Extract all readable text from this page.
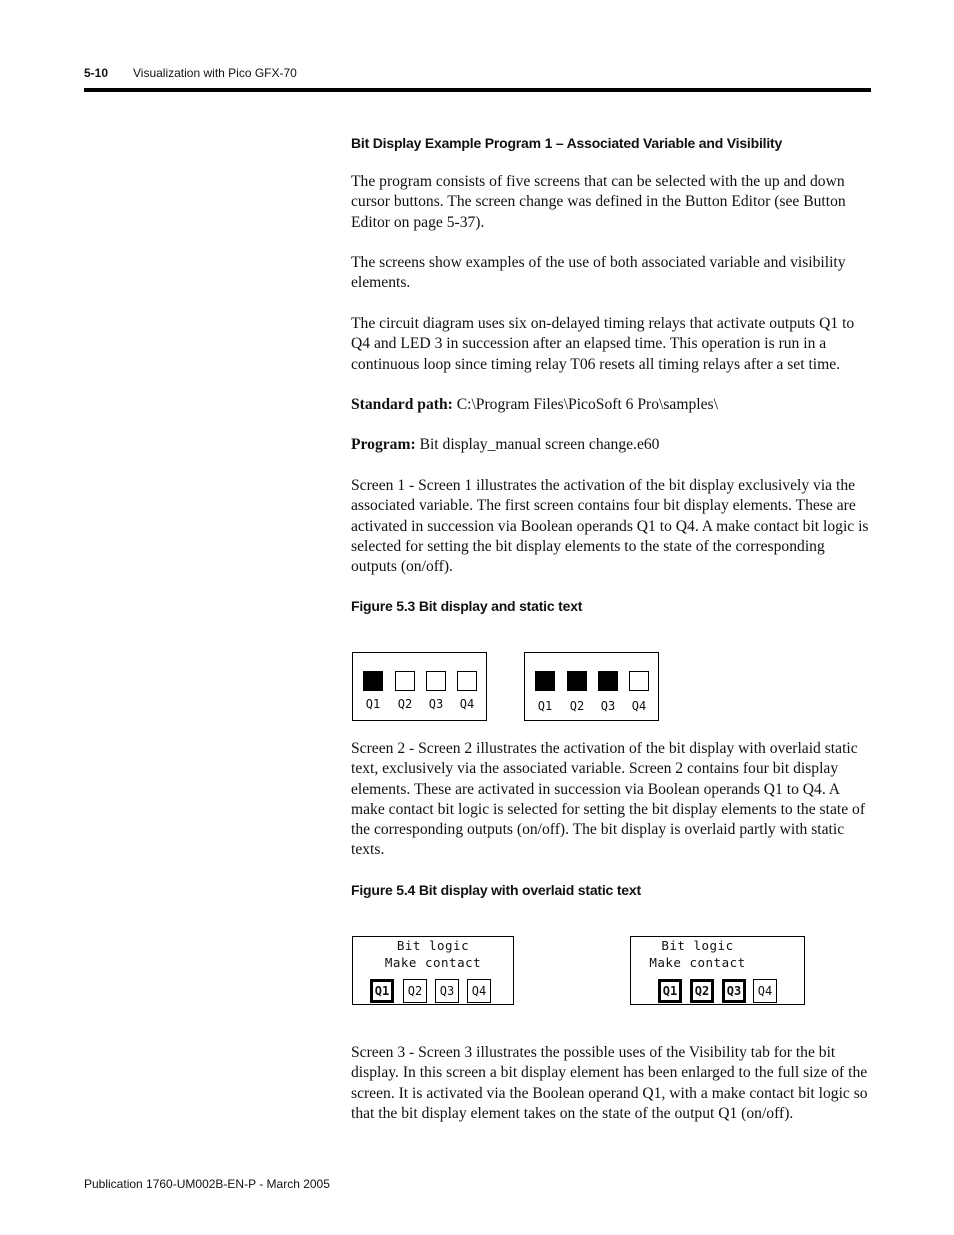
5-10 Visualization with Pico GFX-70
Bit Display Example Program 1 – Associated Variable and Visibility
The program consists of five screens that can be selected with the up and down cursor buttons. The screen change was defined in the Button Editor (see Button Editor on page 5-37).
The screens show examples of the use of both associated variable and visibility elements.
The circuit diagram uses six on-delayed timing relays that activate outputs Q1 to Q4 and LED 3 in succession after an elapsed time. This operation is run in a continuous loop since timing relay T06 resets all timing relays after a set time.
Standard path: C:\Program Files\PicoSoft 6 Pro\samples\
Program: Bit display_manual screen change.e60
Screen 1 - Screen 1 illustrates the activation of the bit display exclusively via the associated variable. The first screen contains four bit display elements. These are activated in succession via Boolean operands Q1 to Q4. A make contact bit logic is selected for setting the bit display elements to the state of the corresponding outputs (on/off).
Figure 5.3 Bit display and static text
Q1	Q2	Q3	Q4	Q1	Q2	Q3	Q4
Screen 2 - Screen 2 illustrates the activation of the bit display with overlaid static text, exclusively via the associated variable. Screen 2 contains four bit display elements. These are activated in succession via Boolean operands Q1 to Q4. A make contact bit logic is selected for setting the bit display elements to the state of the corresponding outputs (on/off). The bit display is overlaid partly with static texts.
Figure 5.4 Bit display with overlaid static text
Bit logic
Make contact
Q1	Q2	Q3	Q4
Bit logic
Make contact
Q1 Q2 Q3	Q4
Screen 3 - Screen 3 illustrates the possible uses of the Visibility tab for the bit display. In this screen a bit display element has been enlarged to the full size of the screen. It is activated via the Boolean operand Q1, with a make contact bit logic so that the bit display element takes on the state of the output Q1 (on/off).
Publication 1760-UM002B-EN-P - March 2005
